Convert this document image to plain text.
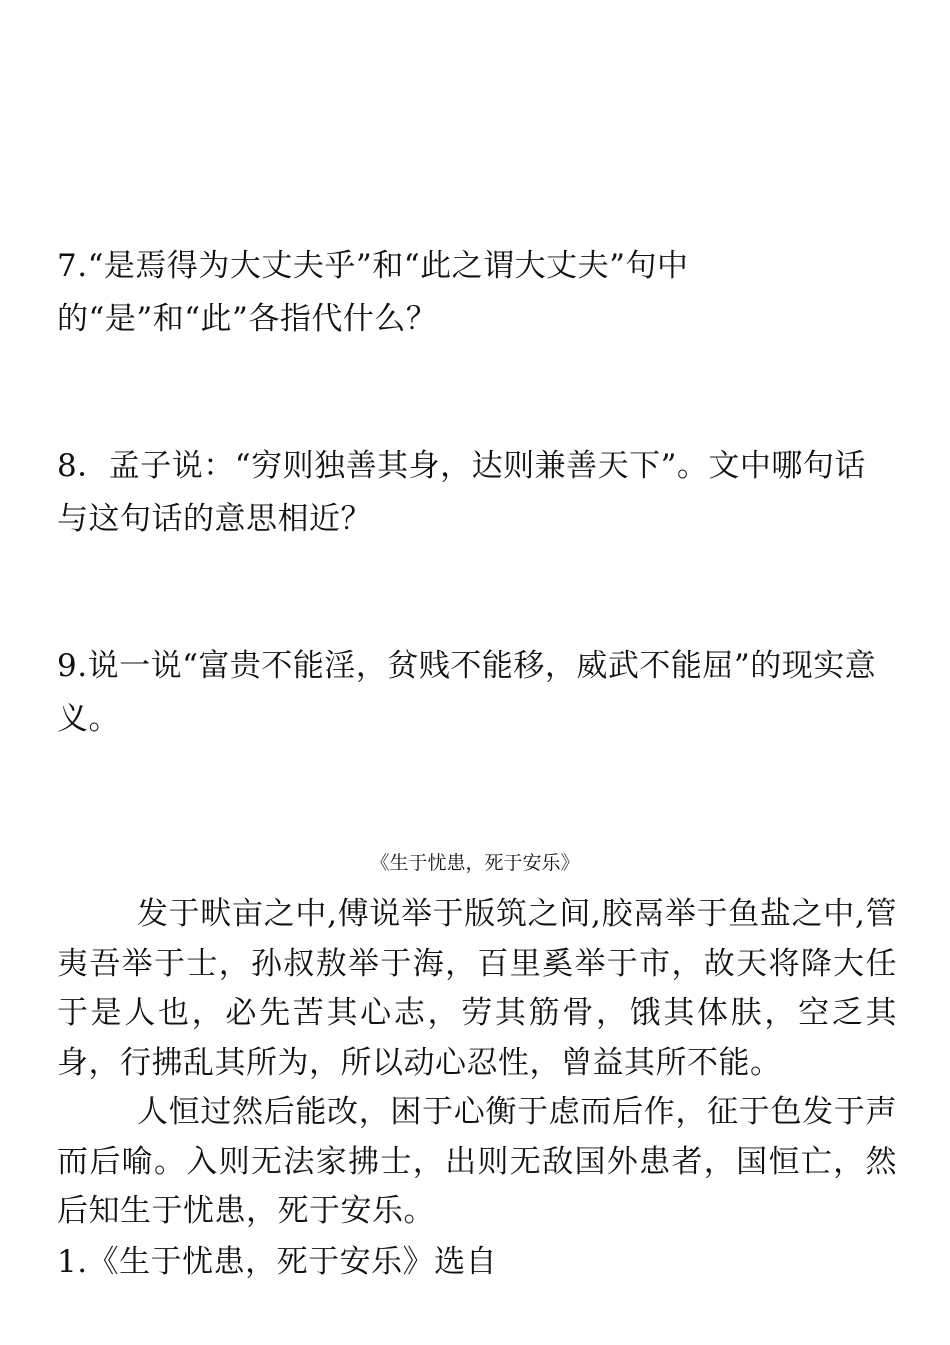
7.“是焉得为大丈夫乎”和“此之谓大丈夫”句中的“是”和“此”各指代什么？

8．孟子说：“穷则独善其身，达则兼善天下”。文中哪句话与这句话的意思相近？

9.说一说“富贵不能淫，贫贱不能移，威武不能屈”的现实意义。

《生于忧患，死于安乐》

发于畎亩之中,傅说举于版筑之间,胶鬲举于鱼盐之中,管夷吾举于士，孙叔敖举于海，百里奚举于市，故天将降大任于是人也，必先苦其心志，劳其筋骨，饿其体肤，空乏其身，行拂乱其所为，所以动心忍性，曾益其所不能。

人恒过然后能改，困于心衡于虑而后作，征于色发于声而后喻。入则无法家拂士，出则无敌国外患者，国恒亡，然后知生于忧患，死于安乐。

1.《生于忧患，死于安乐》选自
